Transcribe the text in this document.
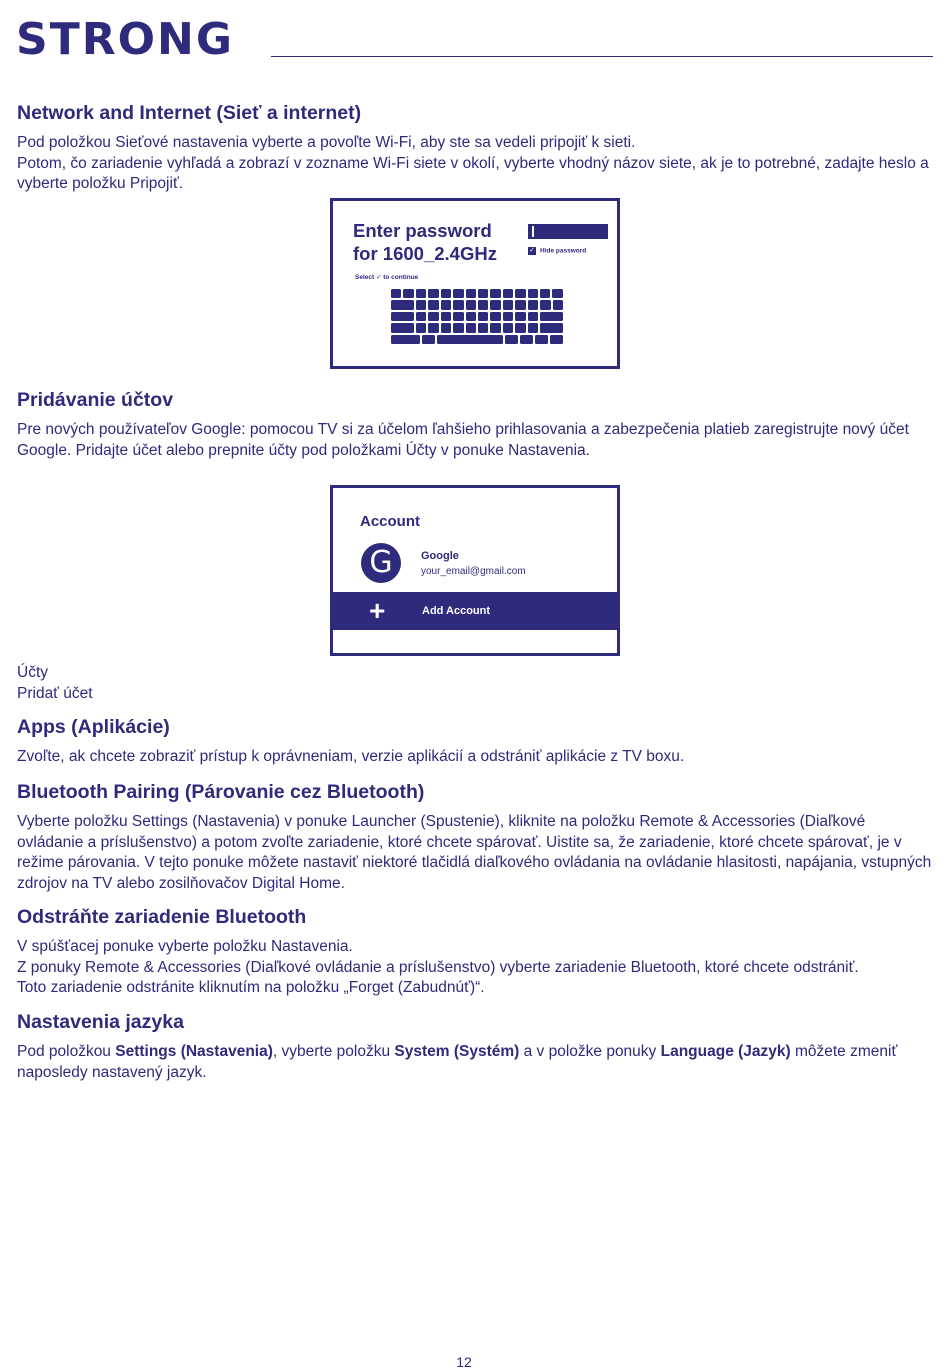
STRONG
Network and Internet (Sieť a internet)

Pod položkou Sieťové nastavenia vyberte a povoľte Wi-Fi, aby ste sa vedeli pripojiť k sieti.

Potom, čo zariadenie vyhľadá a zobrazí v zozname Wi-Fi siete v okolí, vyberte vhodný názov siete, ak je to potrebné, zadajte heslo a vyberte položku Pripojiť.

Enter password
for 1600_2.4GHz
Select ✓ to continue
✓ Hide password
Pridávanie účtov

Pre nových používateľov Google: pomocou TV si za účelom ľahšieho prihlasovania a zabezpečenia platieb zaregistrujte nový účet Google. Pridajte účet alebo prepnite účty pod položkami Účty v ponuke Nastavenia.

Account
G	Google
your_email@gmail.com
+	Add Account

Účty

Pridať účet

Apps (Aplikácie)

Zvoľte, ak chcete zobraziť prístup k oprávneniam, verzie aplikácií a odstrániť aplikácie z TV boxu.

Bluetooth Pairing (Párovanie cez Bluetooth)

Vyberte položku Settings (Nastavenia) v ponuke Launcher (Spustenie), kliknite na položku Remote & Accessories (Diaľkové ovládanie a príslušenstvo) a potom zvoľte zariadenie, ktoré chcete spárovať. Uistite sa, že zariadenie, ktoré chcete spárovať, je v režime párovania. V tejto ponuke môžete nastaviť niektoré tlačidlá diaľkového ovládania na ovládanie hlasitosti, napájania, vstupných zdrojov na TV alebo zosilňovačov Digital Home.

Odstráňte zariadenie Bluetooth

V spúšťacej ponuke vyberte položku Nastavenia.

Z ponuky Remote & Accessories (Diaľkové ovládanie a príslušenstvo) vyberte zariadenie Bluetooth, ktoré chcete odstrániť.

Toto zariadenie odstránite kliknutím na položku „Forget (Zabudnúť)“.

Nastavenia jazyka

Pod položkou Settings (Nastavenia), vyberte položku System (Systém) a v položke ponuky Language (Jazyk) môžete zmeniť naposledy nastavený jazyk.

12
